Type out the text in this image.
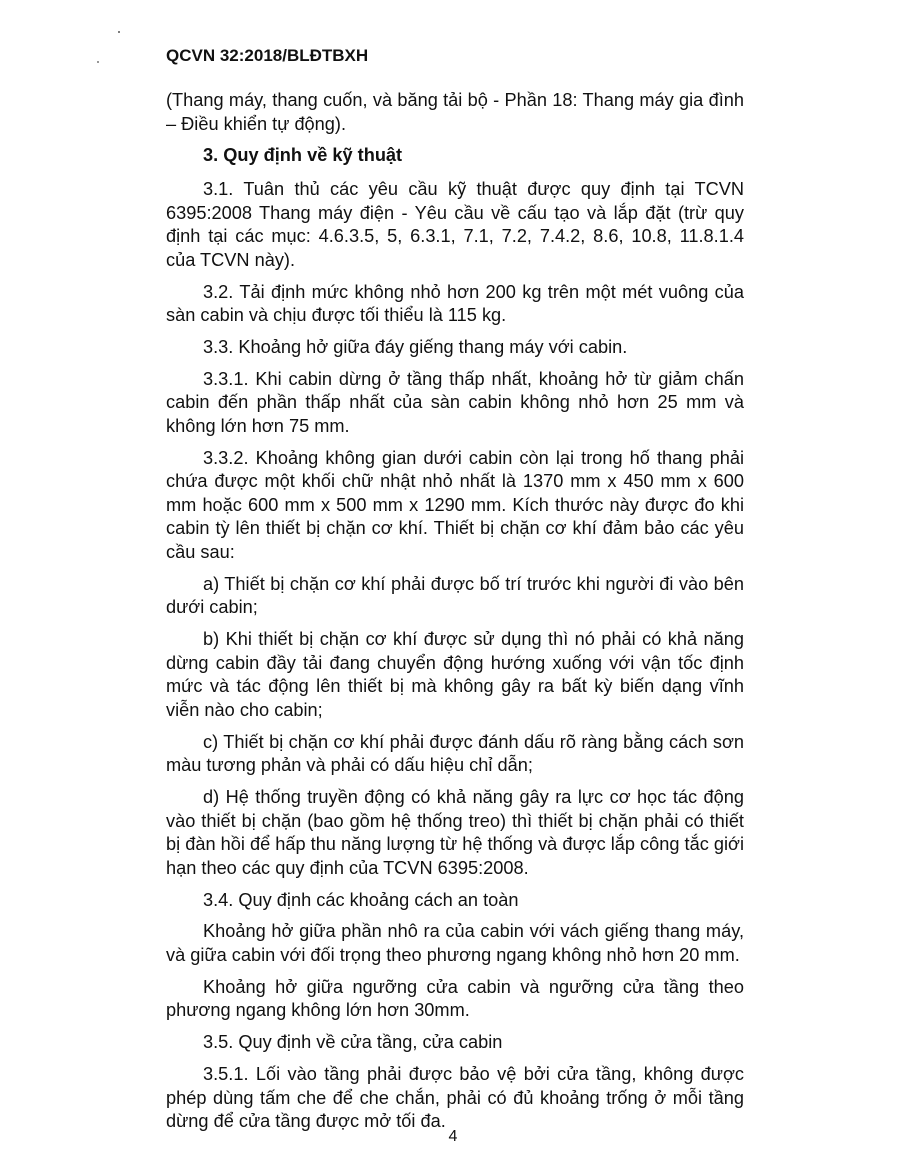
QCVN 32:2018/BLĐTBXH

(Thang máy, thang cuốn, và băng tải bộ - Phần 18: Thang máy gia đình – Điều khiển tự động).

3. Quy định về kỹ thuật

3.1. Tuân thủ các yêu cầu kỹ thuật được quy định tại TCVN 6395:2008 Thang máy điện - Yêu cầu về cấu tạo và lắp đặt (trừ quy định tại các mục: 4.6.3.5, 5, 6.3.1, 7.1, 7.2, 7.4.2, 8.6, 10.8, 11.8.1.4 của TCVN này).

3.2. Tải định mức không nhỏ hơn 200 kg trên một mét vuông của sàn cabin và chịu được tối thiểu là 115 kg.

3.3. Khoảng hở giữa đáy giếng thang máy với cabin.

3.3.1. Khi cabin dừng ở tầng thấp nhất, khoảng hở từ giảm chấn cabin đến phần thấp nhất của sàn cabin không nhỏ hơn 25 mm và không lớn hơn 75 mm.

3.3.2. Khoảng không gian dưới cabin còn lại trong hố thang phải chứa được một khối chữ nhật nhỏ nhất là 1370 mm x 450 mm x 600 mm hoặc 600 mm x 500 mm x 1290 mm. Kích thước này được đo khi cabin tỳ lên thiết bị chặn cơ khí. Thiết bị chặn cơ khí đảm bảo các yêu cầu sau:

a) Thiết bị chặn cơ khí phải được bố trí trước khi người đi vào bên dưới cabin;

b) Khi thiết bị chặn cơ khí được sử dụng thì nó phải có khả năng dừng cabin đầy tải đang chuyển động hướng xuống với vận tốc định mức và tác động lên thiết bị mà không gây ra bất kỳ biến dạng vĩnh viễn nào cho cabin;

c) Thiết bị chặn cơ khí phải được đánh dấu rõ ràng bằng cách sơn màu tương phản và phải có dấu hiệu chỉ dẫn;

d) Hệ thống truyền động có khả năng gây ra lực cơ học tác động vào thiết bị chặn (bao gồm hệ thống treo) thì thiết bị chặn phải có thiết bị đàn hồi để hấp thu năng lượng từ hệ thống và được lắp công tắc giới hạn theo các quy định của TCVN 6395:2008.

3.4. Quy định các khoảng cách an toàn

Khoảng hở giữa phần nhô ra của cabin với vách giếng thang máy, và giữa cabin với đối trọng theo phương ngang không nhỏ hơn 20 mm.

Khoảng hở giữa ngưỡng cửa cabin và ngưỡng cửa tầng theo phương ngang không lớn hơn 30mm.

3.5. Quy định về cửa tầng, cửa cabin

3.5.1. Lối vào tầng phải được bảo vệ bởi cửa tầng, không được phép dùng tấm che để che chắn, phải có đủ khoảng trống ở mỗi tầng dừng để cửa tầng được mở tối đa.

4
